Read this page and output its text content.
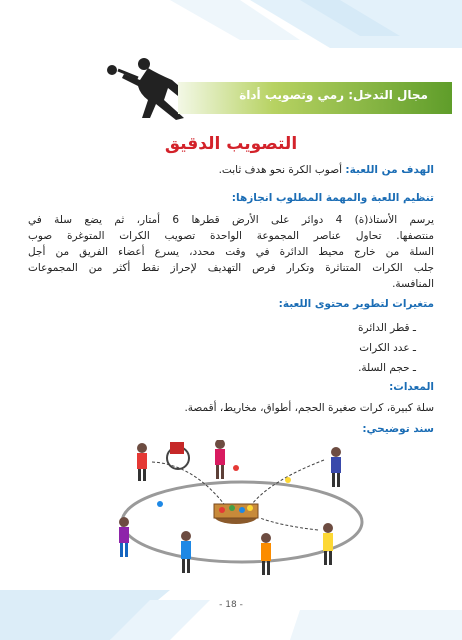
مجال التدخل: رمي وتصويب أداة
التصويب الدقيق
الهدف من اللعبة: أصوب الكرة نحو هدف ثابت.
تنظيم اللعبة والمهمة المطلوب انجازها:
يرسم الأستاذ(ة) 4 دوائر على الأرض قطرها 6 أمتار، ثم يضع سلة في
منتصفها. تحاول عناصر المجموعة الواحدة تصويب الكرات المتوغرة صوب
السلة من خارج محيط الدائرة في وقت محدد، يسرع أعضاء الفريق من أجل
جلب الكرات المتناثرة وتكرار فرص التهديف لإحراز نقط أكثر من المجموعات
المنافسة.
متغيرات لتطوير محتوى اللعبة:
ـ قطر الدائرة
ـ عدد الكرات
ـ حجم السلة.
المعدات:
سلة كبيرة، كرات صغيرة الحجم، أطواق، مخاريط، أقمصة.
سند توضيحي:
- 18 -
